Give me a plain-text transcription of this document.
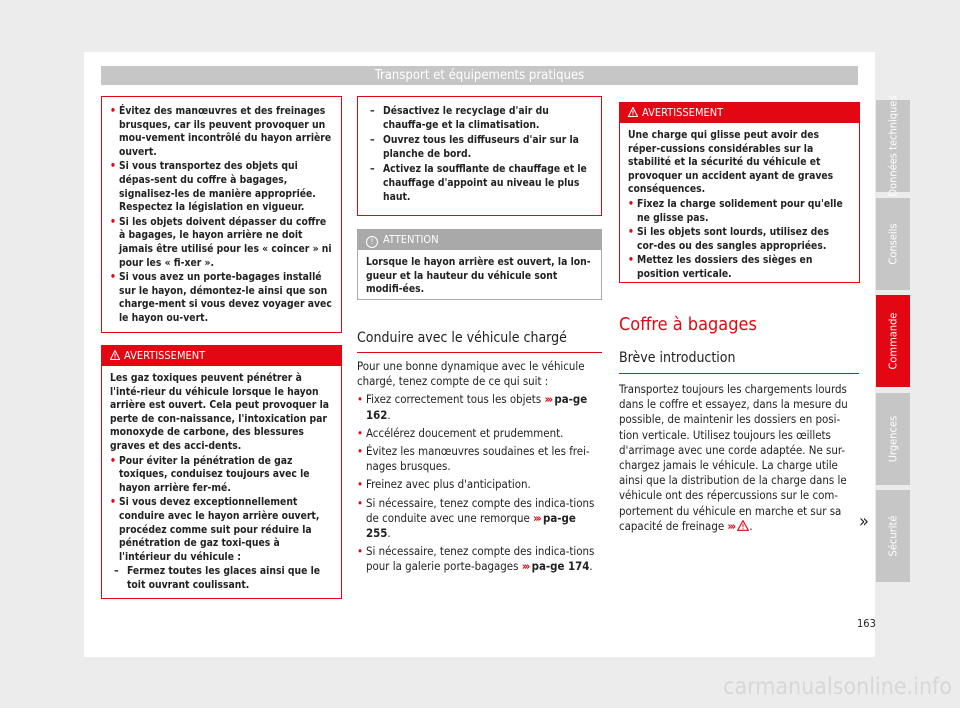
Transport et équipements pratiques
• Évitez des manœuvres et des freinages brusques, car ils peuvent provoquer un mou-vement incontrôlé du hayon arrière ouvert.
• Si vous transportez des objets qui dépas-sent du coffre à bagages, signalisez-les de manière appropriée. Respectez la législation en vigueur.
• Si les objets doivent dépasser du coffre à bagages, le hayon arrière ne doit jamais être utilisé pour les « coincer » ni pour les « fi-xer ».
• Si vous avez un porte-bagages installé sur le hayon, démontez-le ainsi que son charge-ment si vous devez voyager avec le hayon ou-vert.
AVERTISSEMENT
Les gaz toxiques peuvent pénétrer à l'inté-rieur du véhicule lorsque le hayon arrière est ouvert. Cela peut provoquer la perte de con-naissance, l'intoxication par monoxyde de carbone, des blessures graves et des acci-dents.
• Pour éviter la pénétration de gaz toxiques, conduisez toujours avec le hayon arrière fer-mé.
• Si vous devez exceptionnellement conduire avec le hayon arrière ouvert, procédez comme suit pour réduire la pénétration de gaz toxi-ques à l'intérieur du véhicule :
– Fermez toutes les glaces ainsi que le toit ouvrant coulissant.
– Désactivez le recyclage d'air du chauffa-ge et la climatisation.
– Ouvrez tous les diffuseurs d'air sur la planche de bord.
– Activez la soufflante de chauffage et le chauffage d'appoint au niveau le plus haut.
! ATTENTION
Lorsque le hayon arrière est ouvert, la lon-gueur et la hauteur du véhicule sont modifi-ées.
Conduire avec le véhicule chargé
Pour une bonne dynamique avec le véhicule chargé, tenez compte de ce qui suit :
• Fixez correctement tous les objets ››› pa-ge 162.
• Accélérez doucement et prudemment.
• Évitez les manœuvres soudaines et les frei-nages brusques.
• Freinez avec plus d'anticipation.
• Si nécessaire, tenez compte des indica-tions de conduite avec une remorque ››› pa-ge 255.
• Si nécessaire, tenez compte des indica-tions pour la galerie porte-bagages ››› pa-ge 174.
AVERTISSEMENT
Une charge qui glisse peut avoir des réper-cussions considérables sur la stabilité et la sécurité du véhicule et provoquer un accident ayant de graves conséquences.
• Fixez la charge solidement pour qu'elle ne glisse pas.
• Si les objets sont lourds, utilisez des cor-des ou des sangles appropriées.
• Mettez les dossiers des sièges en position verticale.
Coffre à bagages
Brève introduction
Transportez toujours les chargements lourds dans le coffre et essayez, dans la mesure du possible, de maintenir les dossiers en posi-tion verticale. Utilisez toujours les œillets d'arrimage avec une corde adaptée. Ne sur-chargez jamais le véhicule. La charge utile ainsi que la distribution de la charge dans le véhicule ont des répercussions sur le com-portement du véhicule en marche et sur sa capacité de freinage ››› .
Données techniques
Conseils
Commande
Urgences
Sécurité
»
163
carmanualsonline.info
